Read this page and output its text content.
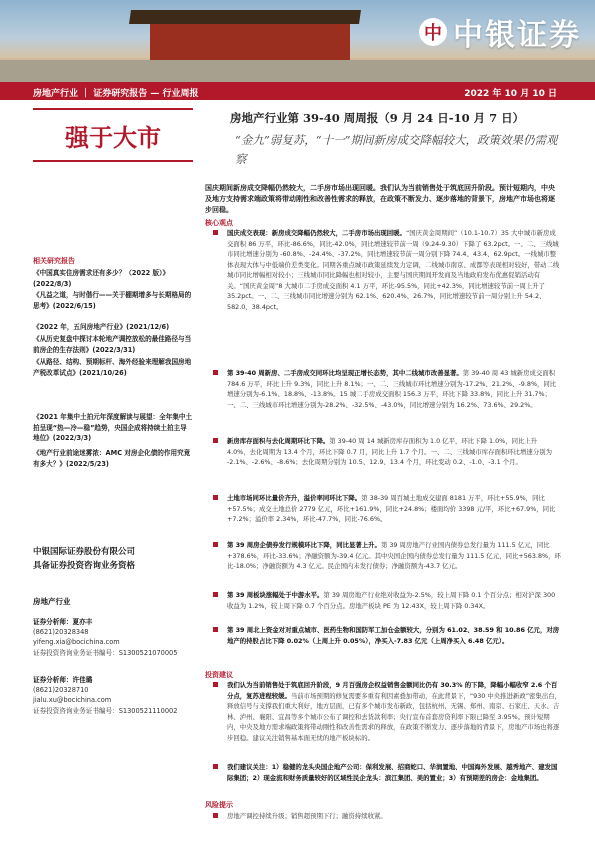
中 中银证券
房地产行业 ｜ 证券研究报告 — 行业周报	2022 年 10 月 10 日
强于大市
房地产行业第 39-40 周周报（9 月 24 日-10 月 7 日）
“金九”弱复苏，“十一”期间新房成交降幅较大，政策效果仍需观察
国庆期间新房成交降幅仍然较大，二手房市场出现回暖。我们认为当前销售处于筑底回升阶段。预计短期内，中央及地方支持需求端政策将带动刚性和改善性需求的释放，在政策不断发力、逐步落地的背景下，房地产市场也将逐步回稳。
核心观点
国庆成交表现：新房成交降幅仍然较大，二手房市场出现回暖。“国庆黄金周期间”（10.1-10.7）35 大中城市新房成交面积 86 万平，环比-86.6%，同比-42.0%，同比增速较节前一周（9.24-9.30）下降了 63.2pct。一、二、三线城市同比增速分别为 -60.8%、-24.4%、-37.2%，同比增速较节前一周分别下降 74.4、43.4、62.9pct。一线城市整体表现大体与中低端价差类变化。同期各重点城市政策延续发力定调，二线城市南京、成都等表现相对较好，带动二线城市同比增幅相对较小；三线城市同比降幅也相对较小，主要与国庆期间开发商及当地政府发布优惠促销活动有关。“国庆黄金周”8 大城市二手房成交面积 4.1 万平，环比-95.5%，同比+42.3%，同比增速较节前一周上升了 35.2pct。一、二、三线城市同比增速分别为 62.1%、620.4%、26.7%，同比增速较节前一周分别上升 54.2、582.0、38.4pct。
第 39-40 周新房、二手房成交同环比均呈现正增长态势，其中二线城市改善显著。第 39-40 周 43 城新房成交面积 784.6 万平，环比上升 9.3%，同比上升 8.1%；一、二、三线城市环比增速分别为-17.2%、21.2%、-9.8%，同比增速分别为-6.1%、18.8%、-13.8%。15 城二手房成交面积 156.3 万平，环比下降 33.8%，同比上升 31.7%；一、二、三线城市环比增速分别为-28.2%、-32.5%、-43.0%，同比增速分别为 16.2%、73.6%、29.2%。
新房库存面积与去化周期环比下降。第 39-40 周 14 城新房库存面积为 1.0 亿平，环比下降 1.0%，同比上升 4.0%，去化周期为 13.4 个月，环比下降 0.7 月，同比上升 1.7 个月。一、二、三线城市库存面积环比增速分别为 -2.1%、-2.6%、-8.6%；去化周期分别为 10.5、12.9、13.4 个月，环比变动 0.2、-1.0、-3.1 个月。
土地市场同环比量价齐升，溢价率同环比下降。第 38-39 周百城土地成交建面 8181 万平，环比+55.9%，同比+57.5%；成交土地总价 2779 亿元，环比+161.9%，同比+24.8%；楼面均价 3398 元/平，环比+67.9%，同比+7.2%；溢价率 2.34%，环比-47.7%，同比-76.6%。
第 39 周房企债券发行规模环比下降，同比显著上升。第 39 周房地产行业国内债券总发行量为 111.5 亿元，同比+378.6%，环比-33.6%；净融资额为-39.4 亿元。其中央国企国内债券总发行量为 111.5 亿元，同比+563.8%，环比-18.0%；净融资额为 4.3 亿元。民企国内未发行债券；净融资额为-43.7 亿元。
第 39 周板块涨幅处于中游水平。第 39 周房地产行业绝对收益为-2.5%，较上周下降 0.1 个百分点；相对沪深 300 收益为 1.2%，较上周下降 0.7 个百分点。房地产板块 PE 为 12.43X，较上周下降 0.34X。
第 39 周北上资金对对重点城市、医药生物和国防军工加仓金额较大，分别为 61.02、38.59 和 10.86 亿元，对房地产的持股占比下降 0.02%（上周上升 0.05%），净买入-7.83 亿元（上周净买入 6.48 亿元）。
投资建议
我们认为当前销售处于筑底回升阶段，9 月百强房企权益销售金额同比仍有 30.3% 的下降，降幅小幅收窄 2.6 个百分点，复苏进程较缓。当前市场预期的修复需要多重有利因素叠加带动，在此背景下，“930 中央推进新政”密集出台，释放信号与支撑我们重大利好，地方层面，已有多个城市发布新政，包括杭州、无锡、郑州、南京、石家庄、天水、吉林、泸州、襄阳、宜昌等多个城市公布了调控和去货款利率；央行宣布首套房贷利率下限已降至 3.95%。预计短期内，中央及地方需求端政策将带动刚性和改善性需求的释放，在政策不断发力、逐步落地的背景下，房地产市场也将逐步回稳。建议关注销售基本面无忧的地产板块标的。
我们建议关注：1）稳健的龙头央国企地产公司：保利发展、招商蛇口、华润置地、中国海外发展、越秀地产、建发国际集团；2）现金流和财务质量较好的区域性民企龙头：滨江集团、美的置业；3）有预期差的房企：金地集团。
风险提示
房地产调控持续升级；销售超预期下行；融资持续收紧。
相关研究报告
《中国真实住房需求还有多少？（2022 版）》(2022/8/3)
《凡益之道，与时偕行——关于棚期增多与长期格局的思考》(2022/6/15)
《2022 年，五问房地产行业》(2021/12/6)
《从历史复盘中探讨本轮地产调控放松的最佳路径与当前房企的生存法则》(2022/3/31)
《从路径、结构、预期标杆、海外经验来理解我国房地产税改革试点》(2021/10/26)
《2021 年集中土拍元年深度解读与展望：全年集中土拍呈现“热—冷—稳”趋势，央国企成将持续土拍主导地位》(2022/3/3)
《地产行业前途迷雾浓：AMC 对房企化债的作用究竟有多大？》(2022/5/23)
中银国际证券股份有限公司
具备证券投资咨询业务资格
房地产行业
证券分析师：夏亦丰
(8621)20328348
yifeng.xia@bocichina.com
证券投资咨询业务证书编号：S1300521070005
证券分析师：许佳璐
(8621)20328710
jialu.xu@bocichina.com
证券投资咨询业务证书编号：S1300521110002
